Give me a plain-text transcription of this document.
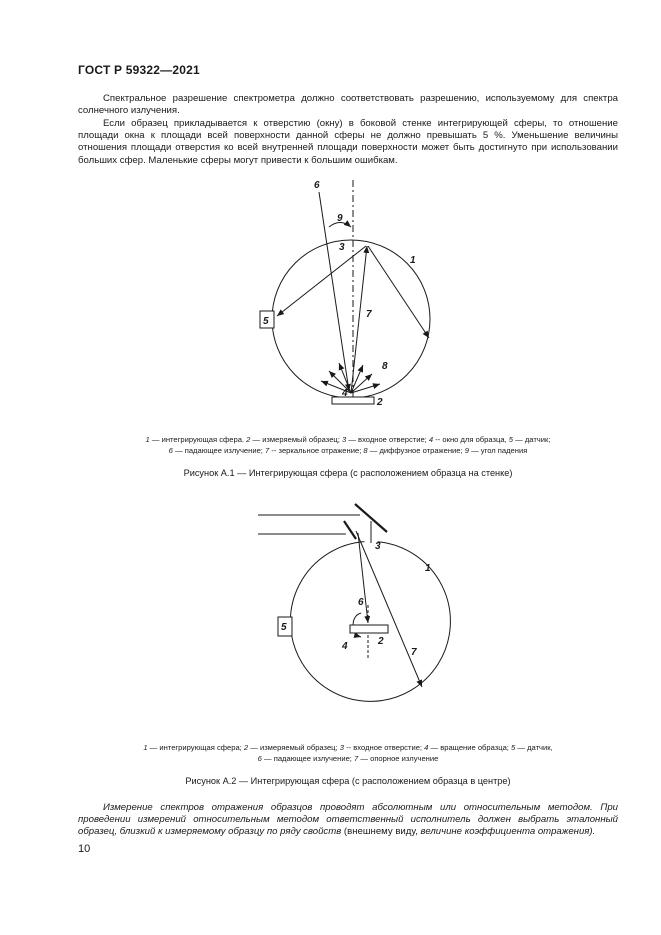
ГОСТ Р 59322—2021
Спектральное разрешение спектрометра должно соответствовать разрешению, используемому для спектра солнечного излучения.
Если образец прикладывается к отверстию (окну) в боковой стенке интегрирующей сферы, то отношение площади окна к площади всей поверхности данной сферы не должно превышать 5 %. Уменьшение величины отношения площади отверстия ко всей внутренней площади поверхности может быть достигнуто при использовании больших сфер. Маленькие сферы могут привести к большим ошибкам.
6
9
3
1
7
5
8
4
2
1 — интегрирующая сфера. 2 — измеряемый образец; 3 — входное отверстие; 4 -- окно для образца, 5 — датчик;
6 — падающее излучение; 7 -- зеркальное отражение; 8 — диффузное отражение; 9 — угол падения
Рисунок А.1 — Интегрирующая сфера (с расположением образца на стенке)
3
1
6
5
2
4
7
1 — интегрирующая сфера; 2 — измеряемый образец; 3 -- входное отверстие; 4 — вращение образца; 5 — датчик,
6 — падающее излучение; 7 — опорное излучение
Рисунок А.2 — Интегрирующая сфера (с расположением образца в центре)
Измерение спектров отражения образцов проводят абсолютным или относительным методом. При проведении измерений относительным методом ответственный исполнитель должен выбрать эталонный образец, близкий к измеряемому образцу по ряду свойств (внешнему виду, величине коэффициента отражения).
10
